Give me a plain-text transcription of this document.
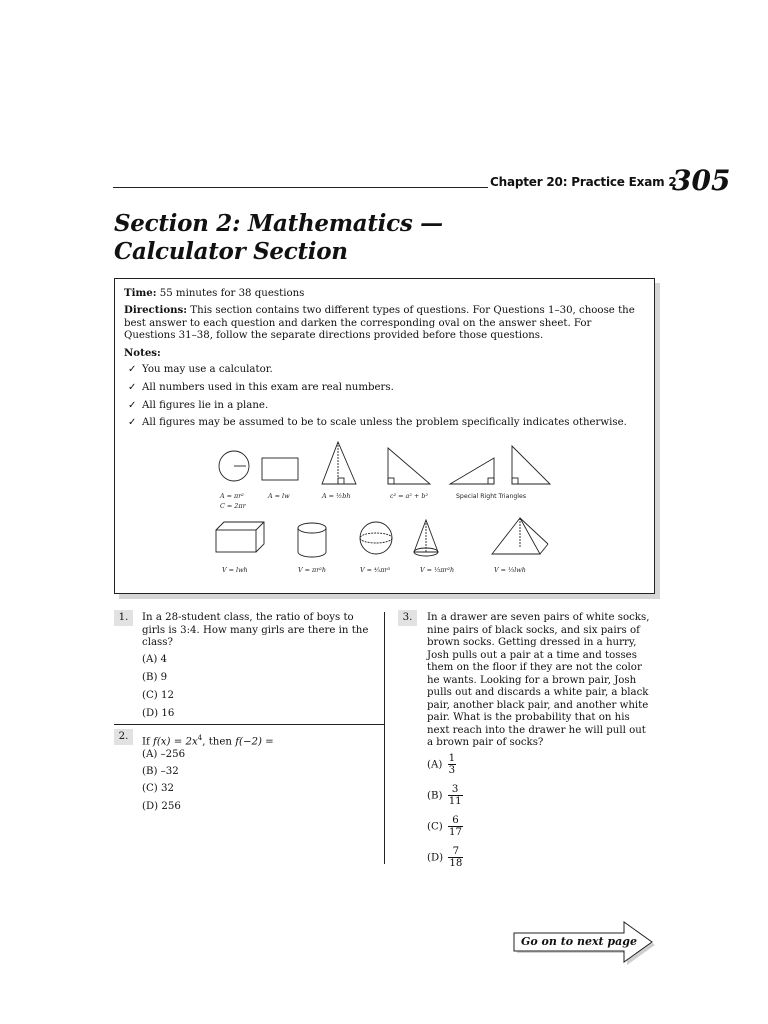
Chapter 20: Practice Exam 2
305
Section 2: Mathematics — Calculator Section
Time: 55 minutes for 38 questions
Directions: This section contains two different types of questions. For Questions 1–30, choose the best answer to each question and darken the corresponding oval on the answer sheet. For Questions 31–38, follow the separate directions provided before those questions.
Notes:
✓ You may use a calculator.
✓ All numbers used in this exam are real numbers.
✓ All figures lie in a plane.
✓ All figures may be assumed to be to scale unless the problem specifically indicates otherwise.
A = πr²
C = 2πr
A = lw	A = ½bh	c² = a² + b²	Special Right Triangles
V = lwh	V = πr²h	V = ⁴⁄₃πr³	V = ⅓πr²h	V = ⅓lwh
1.	In a 28-student class, the ratio of boys to girls is 3:4. How many girls are there in the class?
(A) 4
(B) 9
(C) 12
(D) 16
2.	If $f(x) = 2x^4$, then f(−2) =
(A) –256
(B) –32
(C) 32
(D) 256
3.	In a drawer are seven pairs of white socks, nine pairs of black socks, and six pairs of brown socks. Getting dressed in a hurry, Josh pulls out a pair at a time and tosses them on the floor if they are not the color he wants. Looking for a brown pair, Josh pulls out and discards a white pair, a black pair, another black pair, and another white pair. What is the probability that on his next reach into the drawer he will pull out a brown pair of socks?
$(A) \frac{1}{3}$
$(B) \frac{3}{11}$
$(C) \frac{6}{17}$
$(D) \frac{7}{18}$
Go on to next page
